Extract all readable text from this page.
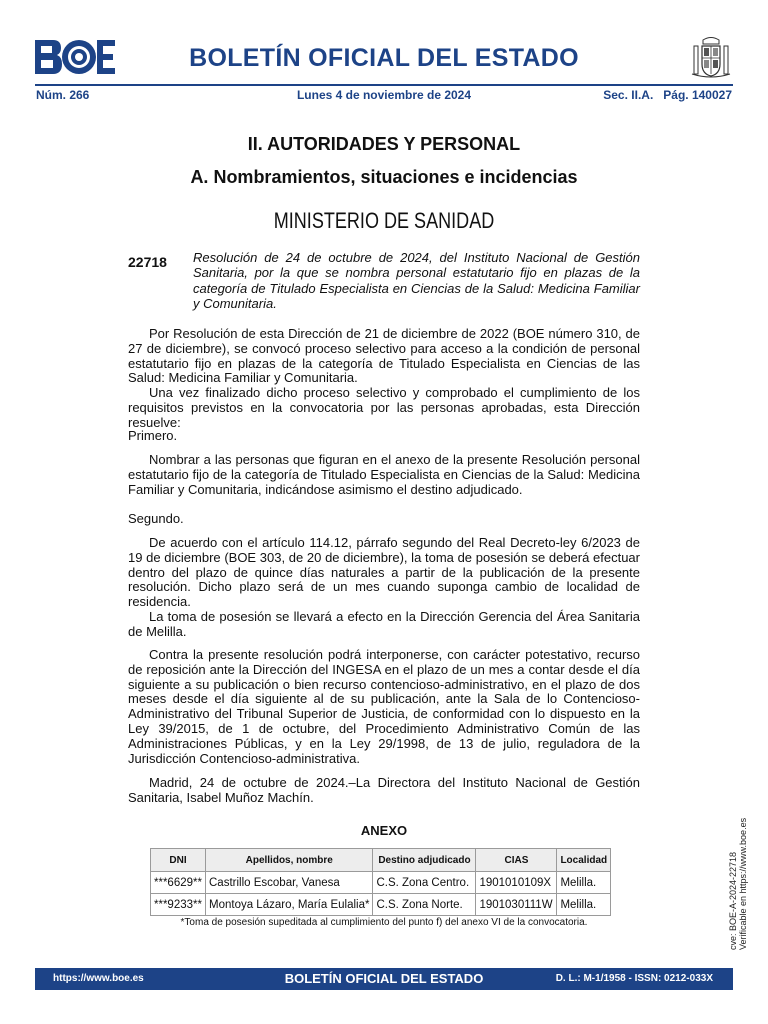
BOLETÍN OFICIAL DEL ESTADO
Núm. 266	Lunes 4 de noviembre de 2024	Sec. II.A.   Pág. 140027
II. AUTORIDADES Y PERSONAL
A. Nombramientos, situaciones e incidencias
MINISTERIO DE SANIDAD
22718 Resolución de 24 de octubre de 2024, del Instituto Nacional de Gestión Sanitaria, por la que se nombra personal estatutario fijo en plazas de la categoría de Titulado Especialista en Ciencias de la Salud: Medicina Familiar y Comunitaria.

Por Resolución de esta Dirección de 21 de diciembre de 2022 (BOE número 310, de 27 de diciembre), se convocó proceso selectivo para acceso a la condición de personal estatutario fijo en plazas de la categoría de Titulado Especialista en Ciencias de las Salud: Medicina Familiar y Comunitaria.

Una vez finalizado dicho proceso selectivo y comprobado el cumplimiento de los requisitos previstos en la convocatoria por las personas aprobadas, esta Dirección resuelve:

Primero.

Nombrar a las personas que figuran en el anexo de la presente Resolución personal estatutario fijo de la categoría de Titulado Especialista en Ciencias de la Salud: Medicina Familiar y Comunitaria, indicándose asimismo el destino adjudicado.

Segundo.

De acuerdo con el artículo 114.12, párrafo segundo del Real Decreto-ley 6/2023 de 19 de diciembre (BOE 303, de 20 de diciembre), la toma de posesión se deberá efectuar dentro del plazo de quince días naturales a partir de la publicación de la presente resolución. Dicho plazo será de un mes cuando suponga cambio de localidad de residencia.

La toma de posesión se llevará a efecto en la Dirección Gerencia del Área Sanitaria de Melilla.

Contra la presente resolución podrá interponerse, con carácter potestativo, recurso de reposición ante la Dirección del INGESA en el plazo de un mes a contar desde el día siguiente a su publicación o bien recurso contencioso-administrativo, en el plazo de dos meses desde el día siguiente al de su publicación, ante la Sala de lo Contencioso-Administrativo del Tribunal Superior de Justicia, de conformidad con lo dispuesto en la Ley 39/2015, de 1 de octubre, del Procedimiento Administrativo Común de las Administraciones Públicas, y en la Ley 29/1998, de 13 de julio, reguladora de la Jurisdicción Contencioso-administrativa.

Madrid, 24 de octubre de 2024.–La Directora del Instituto Nacional de Gestión Sanitaria, Isabel Muñoz Machín.

ANEXO
DNI	Apellidos, nombre	Destino adjudicado	CIAS	Localidad
***6629**	Castrillo Escobar, Vanesa	C.S. Zona Centro.	1901010109X	Melilla.
***9233**	Montoya Lázaro, María Eulalia*	C.S. Zona Norte.	1901030111W	Melilla.
*Toma de posesión supeditada al cumplimiento del punto f) del anexo VI de la convocatoria.	cve: BOE-A-2024-22718 Verificable en https://www.boe.es
https://www.boe.es	BOLETÍN OFICIAL DEL ESTADO	D. L.: M-1/1958 - ISSN: 0212-033X
